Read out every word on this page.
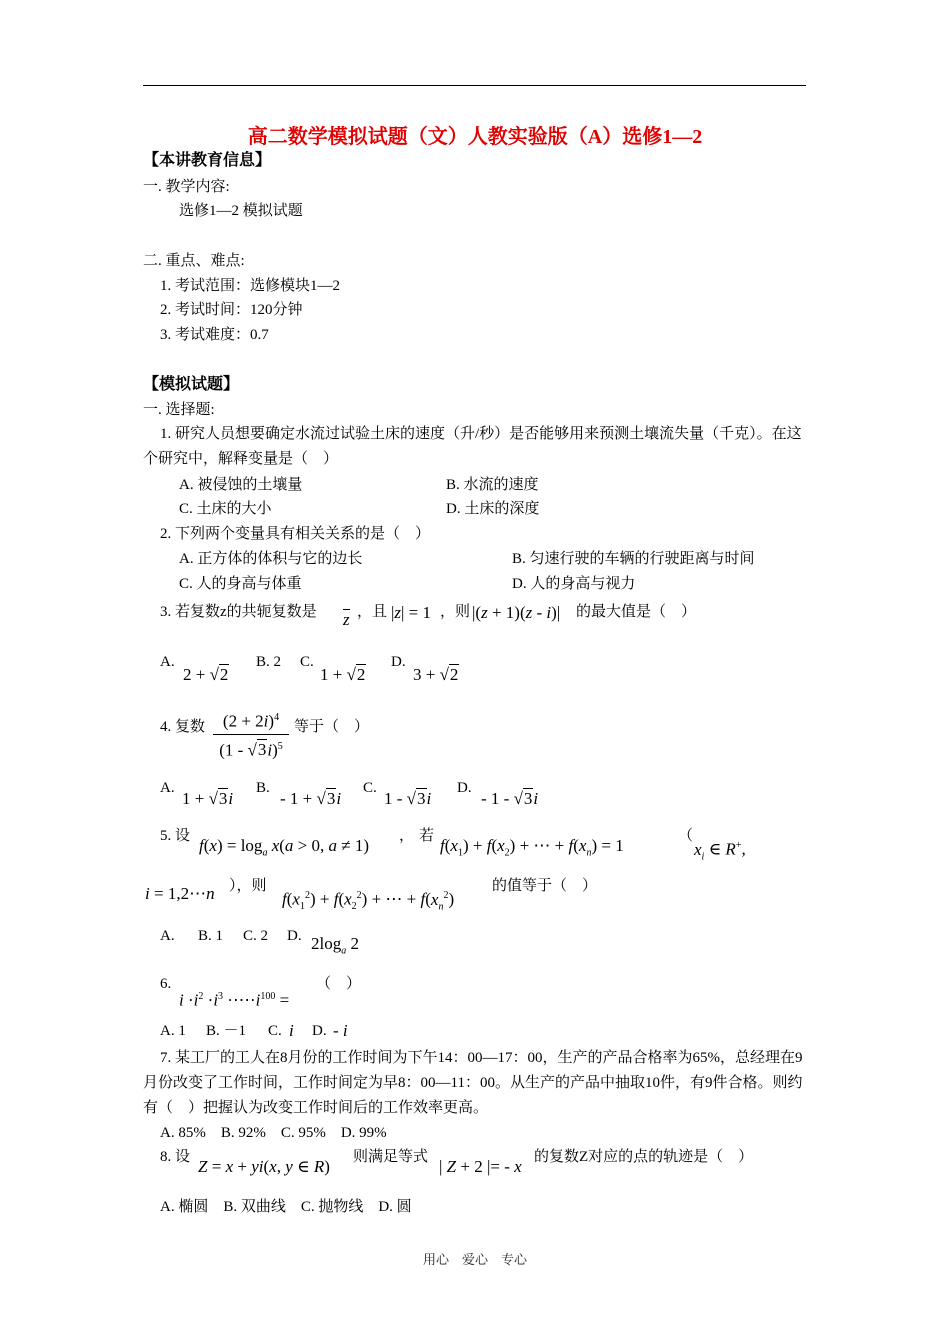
高二数学模拟试题（文）人教实验版（A）选修1—2
【本讲教育信息】
一. 教学内容:
选修1—2 模拟试题
二. 重点、难点:
1. 考试范围：选修模块1—2
2. 考试时间：120分钟
3. 考试难度：0.7
【模拟试题】
一. 选择题:
1. 研究人员想要确定水流过试验土床的速度（升/秒）是否能够用来预测土壤流失量（千克）。在这个研究中，解释变量是（　）
A. 被侵蚀的土壤量	B. 水流的速度
C. 土床的大小	D. 土床的深度
2. 下列两个变量具有相关关系的是（　）
A. 正方体的体积与它的边长	B. 匀速行驶的车辆的行驶距离与时间
C. 人的身高与体重	D. 人的身高与视力
3. 若复数z的共轭复数是 z ，且 |z| = 1 ，则 |(z + 1)(z - i)| 的最大值是（　）
A.
2 + √2
B. 2 C.
1 + √2
D.
3 + √2
4. 复数	$(2 + 2i)^4$
(1 - √3i)$^5$
等于（　）
A.
1 + √3i
B.
- 1 + √3i
C.
1 - √3i
D.
- 1 - √3i
5. 设 $f(x) = \log_a x(a > 0$, a ≠ 1) ， 若 $f(x_1) + f(x_2)$ + ⋯ + $f(x_n) = 1$	（
$x_i$ ∈ R+,
i = 1,2⋯n ），则
$f(x_1^2) + f(x_2^2)$ + ⋯ + $f(x_n^2)$
的值等于（　）
A. B. 1 C. 2 D. $2\log_a$ 2
6.
$i \cdot i^2 \cdot i^3$ $\cdot\cdots\cdot i^{100}$ =
（　）
A. 1 B. －1 C. i D. - i
7. 某工厂的工人在8月份的工作时间为下午14：00—17：00，生产的产品合格率为65%，总经理在9月份改变了工作时间，工作时间定为早8：00—11：00。从生产的产品中抽取10件，有9件合格。则约有（　）把握认为改变工作时间后的工作效率更高。
A. 85%　B. 92%　C. 95%　D. 99%
8. 设 Z = x + yi(x, y ∈ R) 则满足等式 | Z + 2 |= - x 的复数Z对应的点的轨迹是（　）
A. 椭圆　B. 双曲线　C. 抛物线　D. 圆
用心　爱心　专心
